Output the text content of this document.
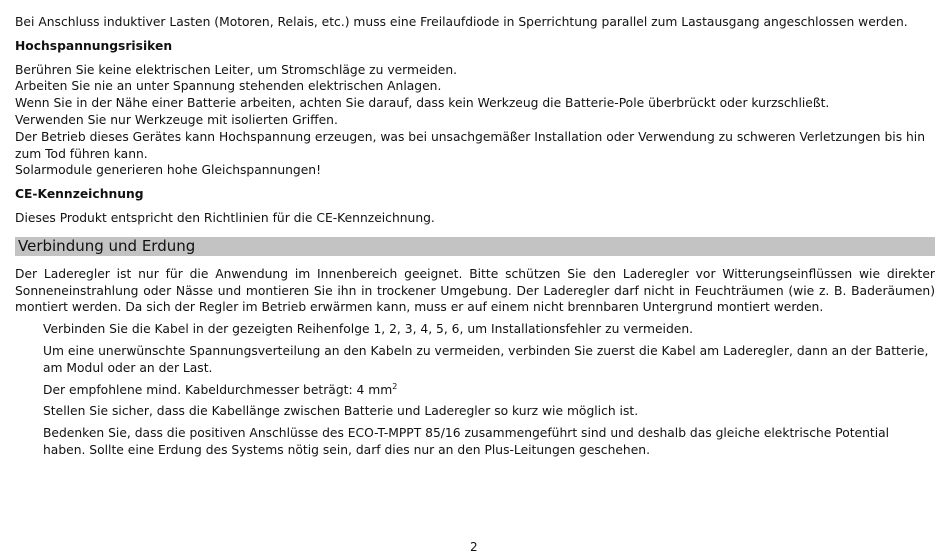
Bei Anschluss induktiver Lasten (Motoren, Relais, etc.) muss eine Freilaufdiode in Sperrichtung parallel zum Lastausgang angeschlossen werden.

Hochspannungsrisiken

Berühren Sie keine elektrischen Leiter, um Stromschläge zu vermeiden.

Arbeiten Sie nie an unter Spannung stehenden elektrischen Anlagen.

Wenn Sie in der Nähe einer Batterie arbeiten, achten Sie darauf, dass kein Werkzeug die Batterie-Pole überbrückt oder kurzschließt.

Verwenden Sie nur Werkzeuge mit isolierten Griffen.

Der Betrieb dieses Gerätes kann Hochspannung erzeugen, was bei unsachgemäßer Installation oder Verwendung zu schweren Verletzungen bis hin

zum Tod führen kann.

Solarmodule generieren hohe Gleichspannungen!

CE-Kennzeichnung

Dieses Produkt entspricht den Richtlinien für die CE-Kennzeichnung.

Verbindung und Erdung

Der Laderegler ist nur für die Anwendung im Innenbereich geeignet. Bitte schützen Sie den Laderegler vor Witterungseinflüssen wie direkter Sonneneinstrahlung oder Nässe und montieren Sie ihn in trockener Umgebung. Der Laderegler darf nicht in Feuchträumen (wie z. B. Baderäumen) montiert werden. Da sich der Regler im Betrieb erwärmen kann, muss er auf einem nicht brennbaren Untergrund montiert werden.

Verbinden Sie die Kabel in der gezeigten Reihenfolge 1, 2, 3, 4, 5, 6, um Installationsfehler zu vermeiden.

Um eine unerwünschte Spannungsverteilung an den Kabeln zu vermeiden, verbinden Sie zuerst die Kabel am Laderegler, dann an der Batterie, am Modul oder an der Last.

Der empfohlene mind. Kabeldurchmesser beträgt: 4 $mm^2$

Stellen Sie sicher, dass die Kabellänge zwischen Batterie und Laderegler so kurz wie möglich ist.

Bedenken Sie, dass die positiven Anschlüsse des ECO-T-MPPT 85/16 zusammengeführt sind und deshalb das gleiche elektrische Potential haben. Sollte eine Erdung des Systems nötig sein, darf dies nur an den Plus-Leitungen geschehen.

2
